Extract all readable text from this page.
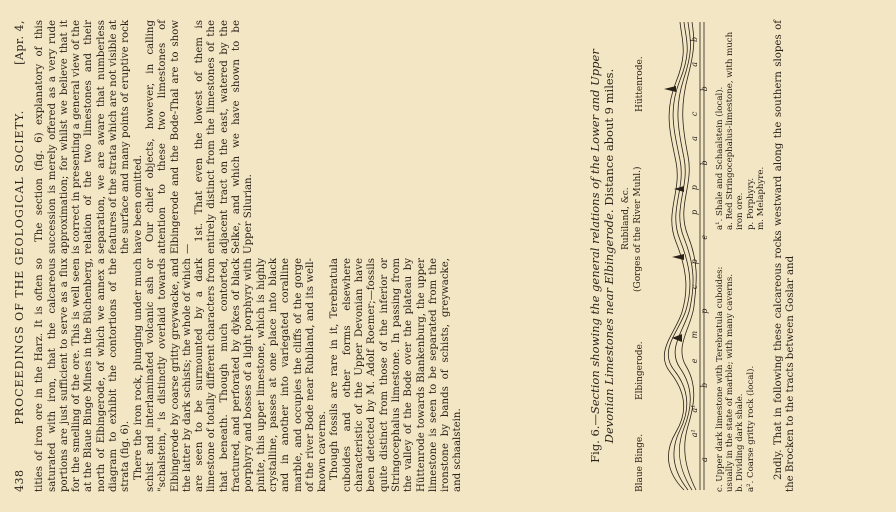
438
PROCEEDINGS OF THE GEOLOGICAL SOCIETY.
[Apr. 4,

tities of iron ore in the Harz. It is often so saturated with iron, that the calcareous portions are just sufficient to serve as a flux for the smelling of the ore. This is well seen at the Blaue Binge Mines in the Büchenberg, north of Elbingerode, of which we annex a diagram to exhibit the contortions of the strata (fig. 6). There the iron rock, plunging under much schist and interlaminated volcanic ash or "schalstein," is distinctly overlaid towards Elbingerode by coarse gritty greywacke, and the latter by dark schists; the whole of which are seen to be surmounted by a dark limestone of totally different characters from that beneath. Though much contorted, fractured, and perforated by dykes of black porphyry and bosses of a light porphyry with pinite, this upper limestone, which is highly crystalline, passes at one place into black and in another into variegated coralline marble, and occupies the cliffs of the gorge of the river Bode near Rubiland, and its well-known caverns. Though fossils are rare in it, Terebratula cuboides and other forms elsewhere characteristic of the Upper Devonian have been detected by M. Adolf Roemer;—fossils quite distinct from those of the inferior or Stringocephalus limestone. In passing from the valley of the Bode over the plateau by Hüttenrode towards Blankenburg, the upper limestone is seen to be separated from the ironstone by bands of schists, greywacke, and schaalstein.

The section (fig. 6) explanatory of this succession is merely offered as a very rude approximation; for whilst we believe that it is correct in presenting a general view of the relation of the two limestones and their separation, we are aware that numberless features of the strata which are not visible at the surface and many points of eruptive rock have been omitted. Our chief objects, however, in calling attention to these two limestones of Elbingerode and the Bode-Thal are to show—

1st. That even the lowest of them is entirely distinct from the limestones of the adjacent tract on the east, watered by the Selke, and which we have shown to be Upper Silurian.

Fig. 6.—Section showing the general relations of the Lower and Upper Devonian Limestones near Elbingerode. Distance about 9 miles.
Blaue Binge.
Elbingerode.
Rubiland, &c. (Gorges of the River Muhl.)
Hüttenrode.
a
a¹
a¹
b
e
m
p
c
p
e
p
p
b
a
c
b
a
b
c. Upper dark limestone with Terebratula cuboides: usually in the state of marble; with many caverns. b. Dividing dark shale. a². Coarse gritty rock (local).
a¹. Shale and Schaalstein (local). a. Red Stringocephalus-limestone, with much iron ore. p. Porphyry. m. Melaphyre. 2ndly. That in following these calcareous rocks westward along the southern slopes of the Brocken to the tracts between Goslar and
